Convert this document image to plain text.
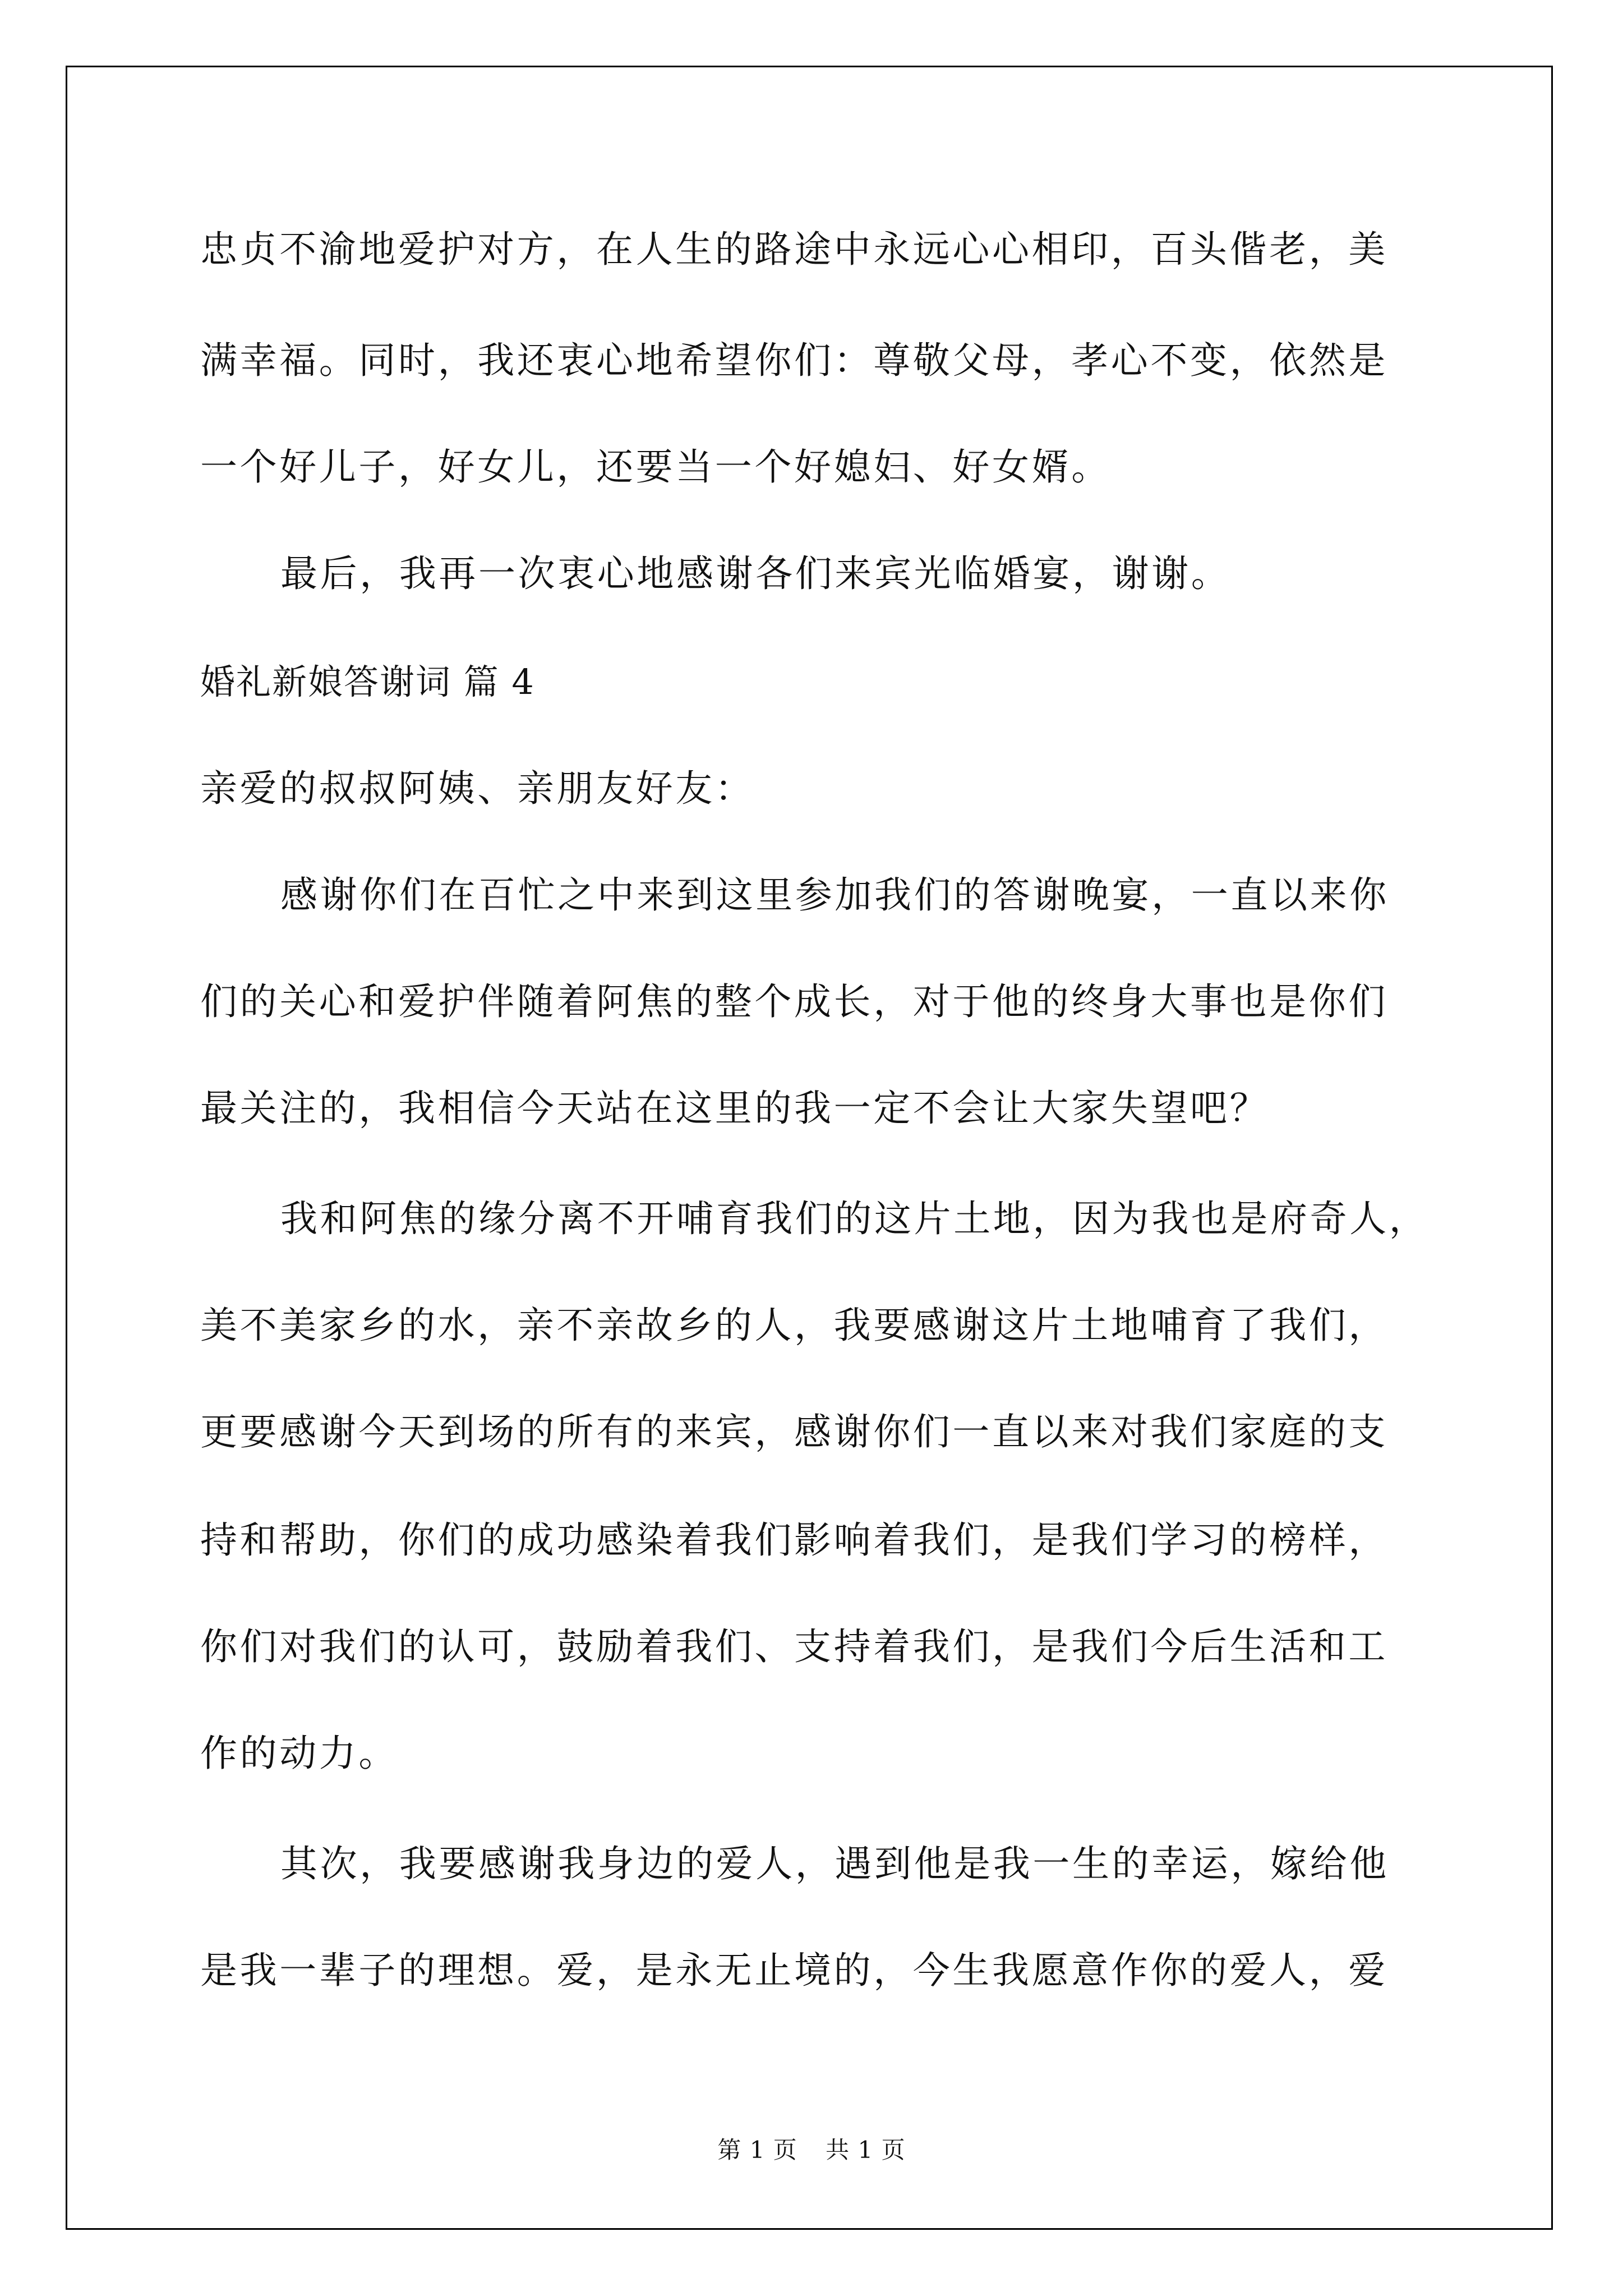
忠贞不渝地爱护对方，在人生的路途中永远心心相印，百头偕老，美
满幸福。同时，我还衷心地希望你们：尊敬父母，孝心不变，依然是
一个好儿子，好女儿，还要当一个好媳妇、好女婿。
最后，我再一次衷心地感谢各们来宾光临婚宴，谢谢。
婚礼新娘答谢词 篇 4
亲爱的叔叔阿姨、亲朋友好友：
感谢你们在百忙之中来到这里参加我们的答谢晚宴，一直以来你
们的关心和爱护伴随着阿焦的整个成长，对于他的终身大事也是你们
最关注的，我相信今天站在这里的我一定不会让大家失望吧？
我和阿焦的缘分离不开哺育我们的这片土地，因为我也是府奇人，
美不美家乡的水，亲不亲故乡的人，我要感谢这片土地哺育了我们，
更要感谢今天到场的所有的来宾，感谢你们一直以来对我们家庭的支
持和帮助，你们的成功感染着我们影响着我们，是我们学习的榜样，
你们对我们的认可，鼓励着我们、支持着我们，是我们今后生活和工
作的动力。
其次，我要感谢我身边的爱人，遇到他是我一生的幸运，嫁给他
是我一辈子的理想。爱，是永无止境的，今生我愿意作你的爱人，爱
第 1 页 共 1 页
